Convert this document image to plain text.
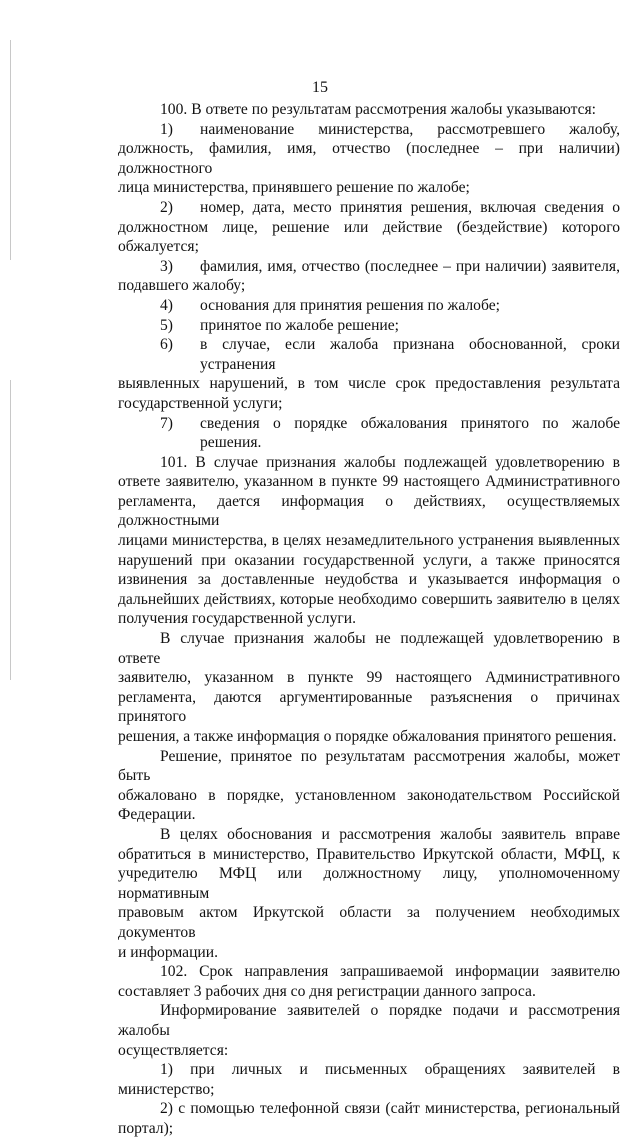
15

100. В ответе по результатам рассмотрения жалобы указываются:

1)	наименование министерства, рассмотревшего жалобу,

должность, фамилия, имя, отчество (последнее – при наличии) должностного

лица министерства, принявшего решение по жалобе;

2)	номер, дата, место принятия решения, включая сведения о

должностном лице, решение или действие (бездействие) которого

обжалуется;

3)	фамилия, имя, отчество (последнее – при наличии) заявителя,

подавшего жалобу;

4)	основания для принятия решения по жалобе;
5)	принятое по жалобе решение;
6)	в случае, если жалоба признана обоснованной, сроки устранения

выявленных нарушений, в том числе срок предоставления результата

государственной услуги;

7)	сведения о порядке обжалования принятого по жалобе решения.

101. В случае признания жалобы подлежащей удовлетворению в

ответе заявителю, указанном в пункте 99 настоящего Административного

регламента, дается информация о действиях, осуществляемых должностными

лицами министерства, в целях незамедлительного устранения выявленных

нарушений при оказании государственной услуги, а также приносятся

извинения за доставленные неудобства и указывается информация о

дальнейших действиях, которые необходимо совершить заявителю в целях

получения государственной услуги.

В случае признания жалобы не подлежащей удовлетворению в ответе

заявителю, указанном в пункте 99 настоящего Административного

регламента, даются аргументированные разъяснения о причинах принятого

решения, а также информация о порядке обжалования принятого решения.

Решение, принятое по результатам рассмотрения жалобы, может быть

обжаловано в порядке, установленном законодательством Российской

Федерации.

В целях обоснования и рассмотрения жалобы заявитель вправе

обратиться в министерство, Правительство Иркутской области, МФЦ, к

учредителю МФЦ или должностному лицу, уполномоченному нормативным

правовым актом Иркутской области за получением необходимых документов

и информации.

102. Срок направления запрашиваемой информации заявителю

составляет 3 рабочих дня со дня регистрации данного запроса.

Информирование заявителей о порядке подачи и рассмотрения жалобы

осуществляется:

1) при личных и письменных обращениях заявителей в министерство;

2) с помощью телефонной связи (сайт министерства, региональный

портал);
